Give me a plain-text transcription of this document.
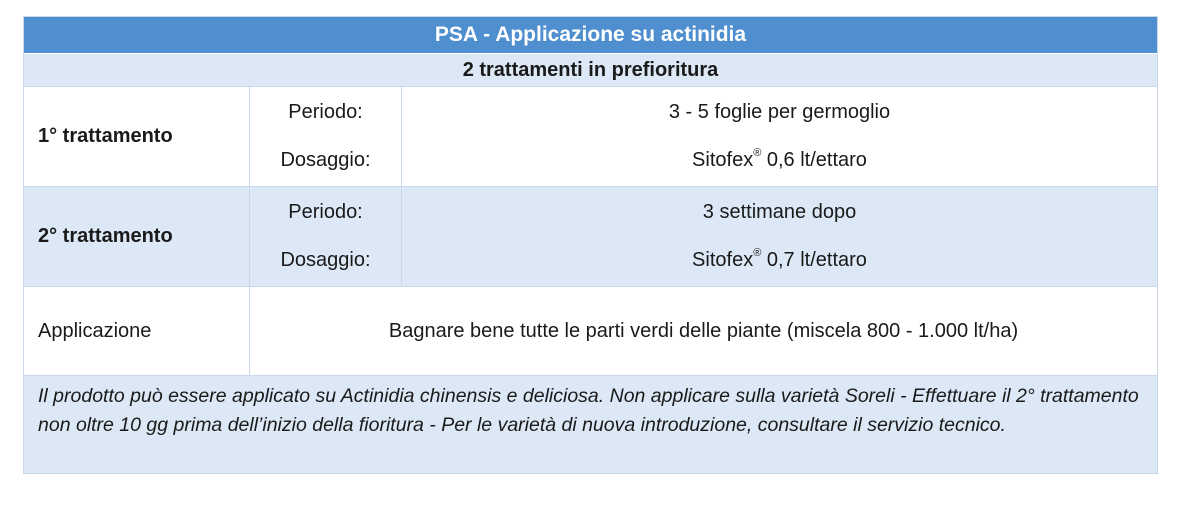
PSA - Applicazione su actinidia
2 trattamenti in prefioritura
1° trattamento
Periodo:
Dosaggio:
3 - 5 foglie per germoglio
Sitofex® 0,6 lt/ettaro
2° trattamento
Periodo:
Dosaggio:
3 settimane dopo
Sitofex® 0,7 lt/ettaro
Applicazione	Bagnare bene tutte le parti verdi delle piante (miscela 800 - 1.000 lt/ha)
Il prodotto può essere applicato su Actinidia chinensis e deliciosa. Non applicare sulla varietà Soreli - Effettuare il 2° trattamento non oltre 10 gg prima dell’inizio della fioritura - Per le varietà di nuova introduzione, consultare il servizio tecnico.
